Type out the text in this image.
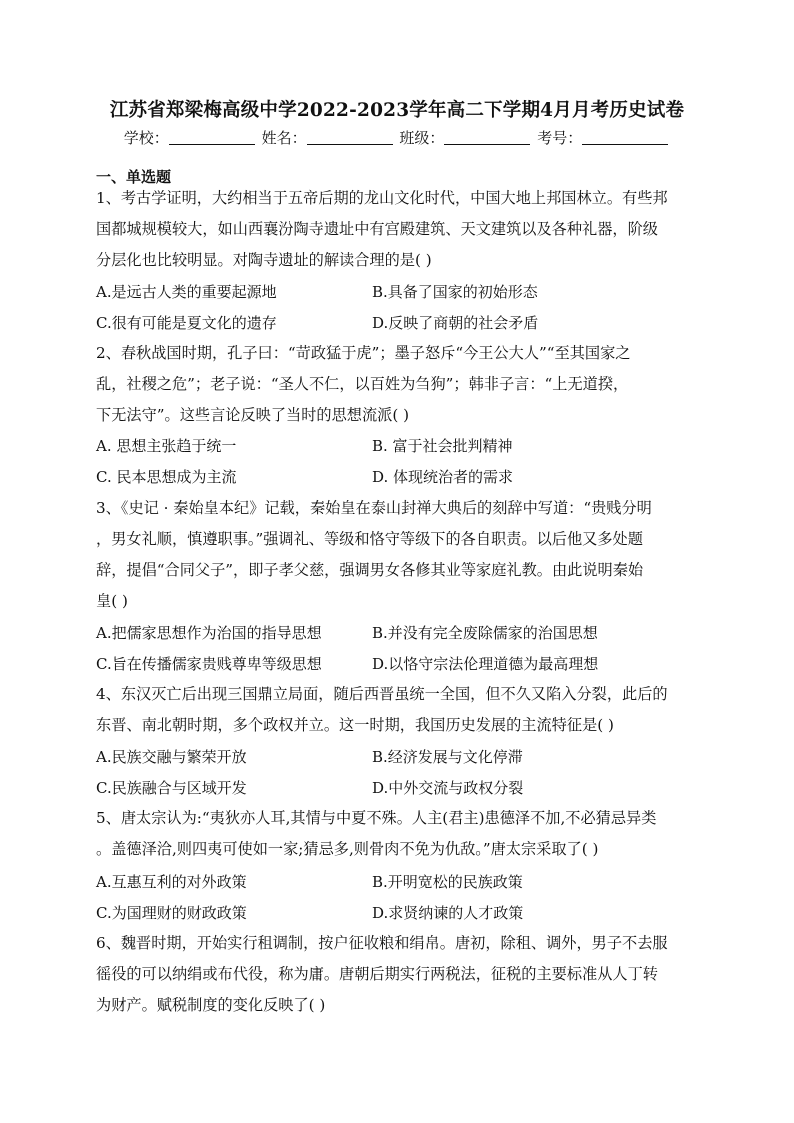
江苏省郑梁梅高级中学2022-2023学年高二下学期4月月考历史试卷
学校：	姓名：	班级：	考号：
一、单选题
1、考古学证明，大约相当于五帝后期的龙山文化时代，中国大地上邦国林立。有些邦
国都城规模较大，如山西襄汾陶寺遗址中有宫殿建筑、天文建筑以及各种礼器，阶级
分层化也比较明显。对陶寺遗址的解读合理的是( )
A.是远古人类的重要起源地	B.具备了国家的初始形态
C.很有可能是夏文化的遗存	D.反映了商朝的社会矛盾
2、春秋战国时期，孔子曰：“苛政猛于虎”；墨子怒斥“今王公大人”“至其国家之
乱，社稷之危”；老子说：“圣人不仁，以百姓为刍狗”；韩非子言：“上无道揆，
下无法守”。这些言论反映了当时的思想流派( )
A. 思想主张趋于统一	B. 富于社会批判精神
C. 民本思想成为主流	D. 体现统治者的需求
3、《史记 · 秦始皇本纪》记载，秦始皇在泰山封禅大典后的刻辞中写道：“贵贱分明
，男女礼顺，慎遵职事。”强调礼、等级和恪守等级下的各自职责。以后他又多处题
辞，提倡“合同父子”，即子孝父慈，强调男女各修其业等家庭礼教。由此说明秦始
皇( )
A.把儒家思想作为治国的指导思想	B.并没有完全废除儒家的治国思想
C.旨在传播儒家贵贱尊卑等级思想	D.以恪守宗法伦理道德为最高理想
4、东汉灭亡后出现三国鼎立局面，随后西晋虽统一全国，但不久又陷入分裂，此后的
东晋、南北朝时期，多个政权并立。这一时期，我国历史发展的主流特征是( )
A.民族交融与繁荣开放	B.经济发展与文化停滞
C.民族融合与区域开发	D.中外交流与政权分裂
5、唐太宗认为:“夷狄亦人耳,其情与中夏不殊。人主(君主)患德泽不加,不必猜忌异类
。盖德泽洽,则四夷可使如一家;猜忌多,则骨肉不免为仇敌。”唐太宗采取了( )
A.互惠互利的对外政策	B.开明宽松的民族政策
C.为国理财的财政政策	D.求贤纳谏的人才政策
6、魏晋时期，开始实行租调制，按户征收粮和绢帛。唐初，除租、调外，男子不去服
徭役的可以纳绢或布代役，称为庸。唐朝后期实行两税法，征税的主要标准从人丁转
为财产。赋税制度的变化反映了( )
